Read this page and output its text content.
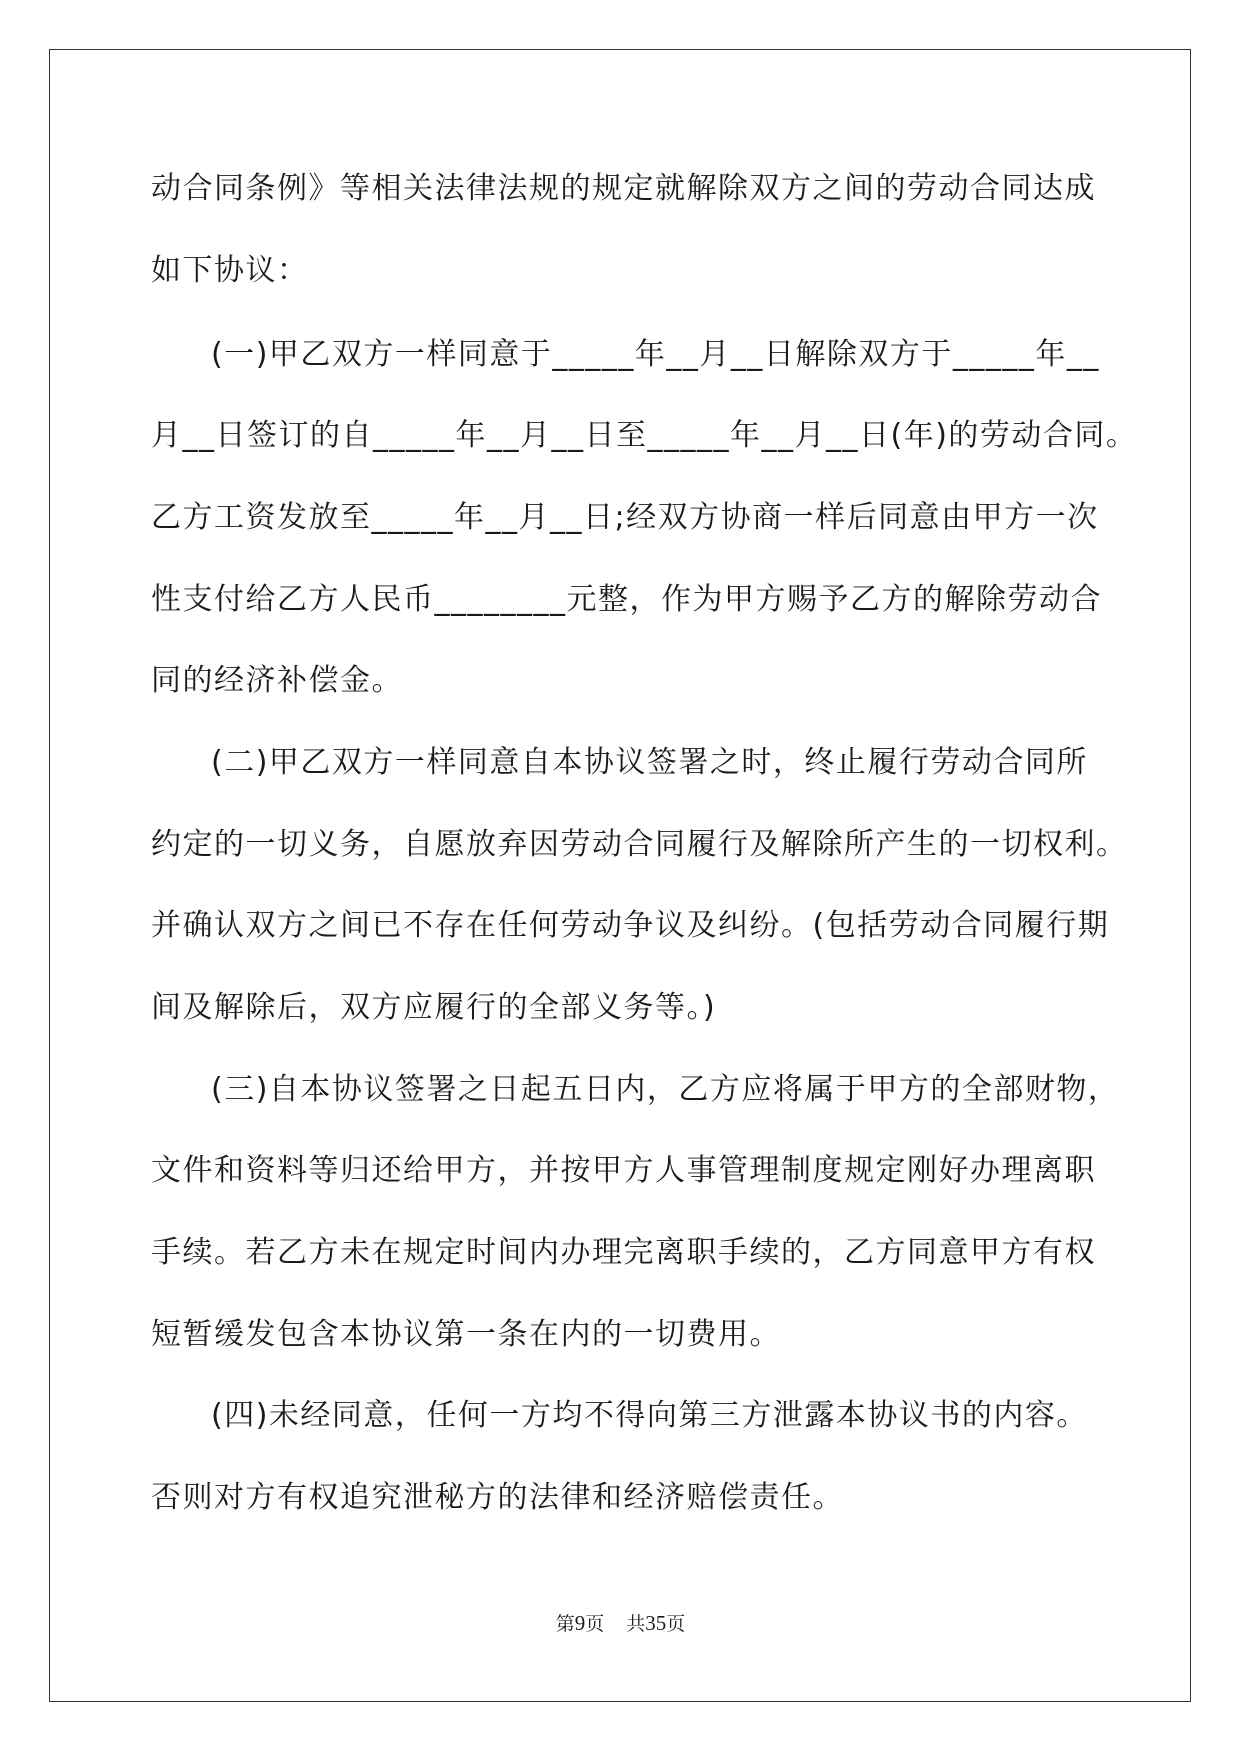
动合同条例》等相关法律法规的规定就解除双方之间的劳动合同达成
如下协议：
(一)甲乙双方一样同意于_____年__月__日解除双方于_____年__
月__日签订的自_____年__月__日至_____年__月__日(年)的劳动合同。
乙方工资发放至_____年__月__日;经双方协商一样后同意由甲方一次
性支付给乙方人民币________元整，作为甲方赐予乙方的解除劳动合
同的经济补偿金。
(二)甲乙双方一样同意自本协议签署之时，终止履行劳动合同所
约定的一切义务，自愿放弃因劳动合同履行及解除所产生的一切权利。
并确认双方之间已不存在任何劳动争议及纠纷。(包括劳动合同履行期
间及解除后，双方应履行的全部义务等。)
(三)自本协议签署之日起五日内，乙方应将属于甲方的全部财物，
文件和资料等归还给甲方，并按甲方人事管理制度规定刚好办理离职
手续。若乙方未在规定时间内办理完离职手续的，乙方同意甲方有权
短暂缓发包含本协议第一条在内的一切费用。
(四)未经同意，任何一方均不得向第三方泄露本协议书的内容。
否则对方有权追究泄秘方的法律和经济赔偿责任。
第9页 共35页
